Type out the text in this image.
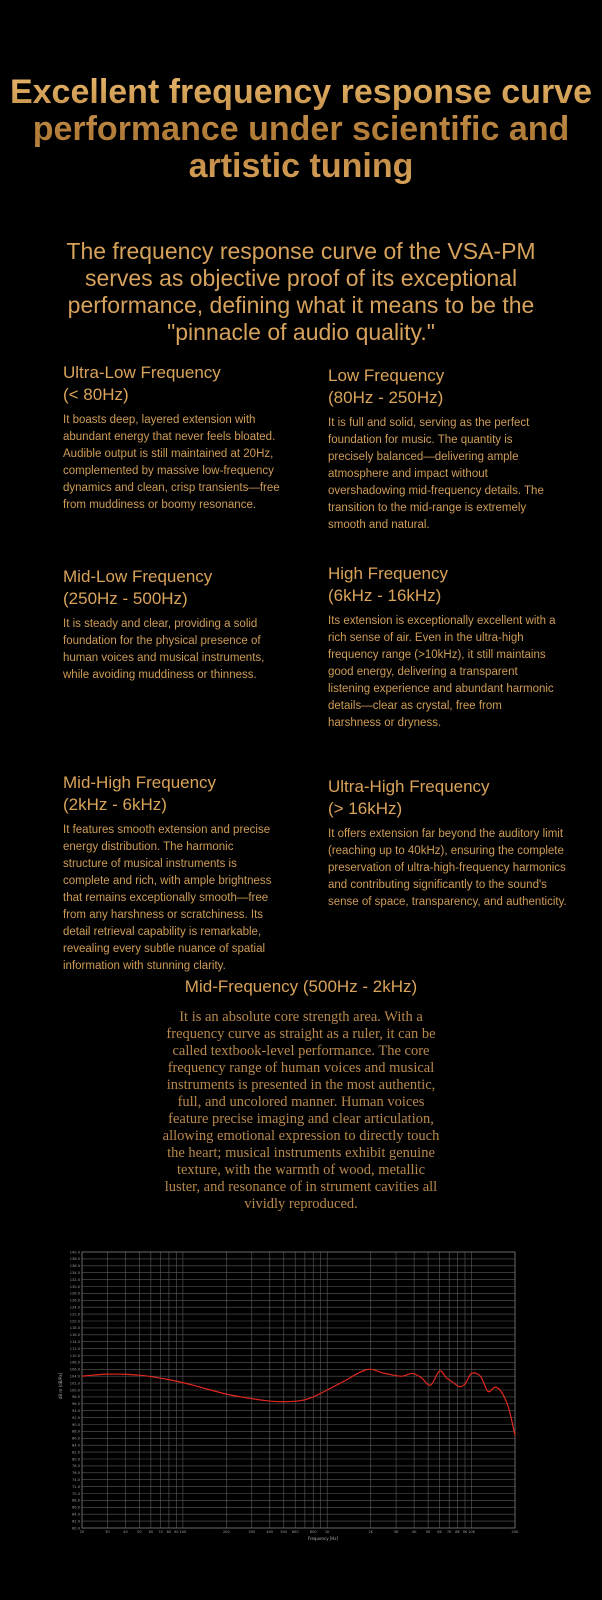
Excellent frequency response curve performance under scientific and artistic tuning
The frequency response curve of the VSA-PM serves as objective proof of its exceptional performance, defining what it means to be the "pinnacle of audio quality."
Ultra-Low Frequency
(< 80Hz)

It boasts deep, layered extension with abundant energy that never feels bloated. Audible output is still maintained at 20Hz, complemented by massive low-frequency dynamics and clean, crisp transients—free from muddiness or boomy resonance.

Low Frequency
(80Hz - 250Hz)

It is full and solid, serving as the perfect foundation for music. The quantity is precisely balanced—delivering ample atmosphere and impact without overshadowing mid-frequency details. The transition to the mid-range is extremely smooth and natural.

Mid-Low Frequency
(250Hz - 500Hz)

It is steady and clear, providing a solid foundation for the physical presence of human voices and musical instruments, while avoiding muddiness or thinness.

High Frequency
(6kHz - 16kHz)

Its extension is exceptionally excellent with a rich sense of air. Even in the ultra-high frequency range (>10kHz), it still maintains good energy, delivering a transparent listening experience and abundant harmonic details—clear as crystal, free from harshness or dryness.

Mid-High Frequency
(2kHz - 6kHz)

It features smooth extension and precise energy distribution. The harmonic structure of musical instruments is complete and rich, with ample brightness that remains exceptionally smooth—free from any harshness or scratchiness. Its detail retrieval capability is remarkable, revealing every subtle nuance of spatial information with stunning clarity.

Ultra-High Frequency
(> 16kHz)

It offers extension far beyond the auditory limit (reaching up to 40kHz), ensuring the complete preservation of ultra-high-frequency harmonics and contributing significantly to the sound's sense of space, transparency, and authenticity.

Mid-Frequency (500Hz - 2kHz)

It is an absolute core strength area. With a frequency curve as straight as a ruler, it can be called textbook-level performance. The core frequency range of human voices and musical instruments is presented in the most authentic, full, and uncolored manner. Human voices feature precise imaging and clear articulation, allowing emotional expression to directly touch the heart; musical instruments exhibit genuine texture, with the warmth of wood, metallic luster, and resonance of in strument cavities all vividly reproduced.

140.0
138.0
136.0
134.0
132.0
130.0
128.0
126.0
124.0
122.0
120.0
118.0
116.0
114.0
112.0
110.0
108.0
106.0
104.0
102.0
100.0
98.0
96.0
94.0
92.0
90.0
88.0
86.0
84.0
82.0
80.0
78.0
76.0
74.0
72.0
70.0
68.0
66.0
64.0
62.0
60.0
20	30	40	50 60 70 80 90 100	200	300	400 500 600	800 1K	2K	3K	4K	5K 6K 7K 8K 9K 10K	20K
dB re [dB/Pa]
Frequency [Hz]
